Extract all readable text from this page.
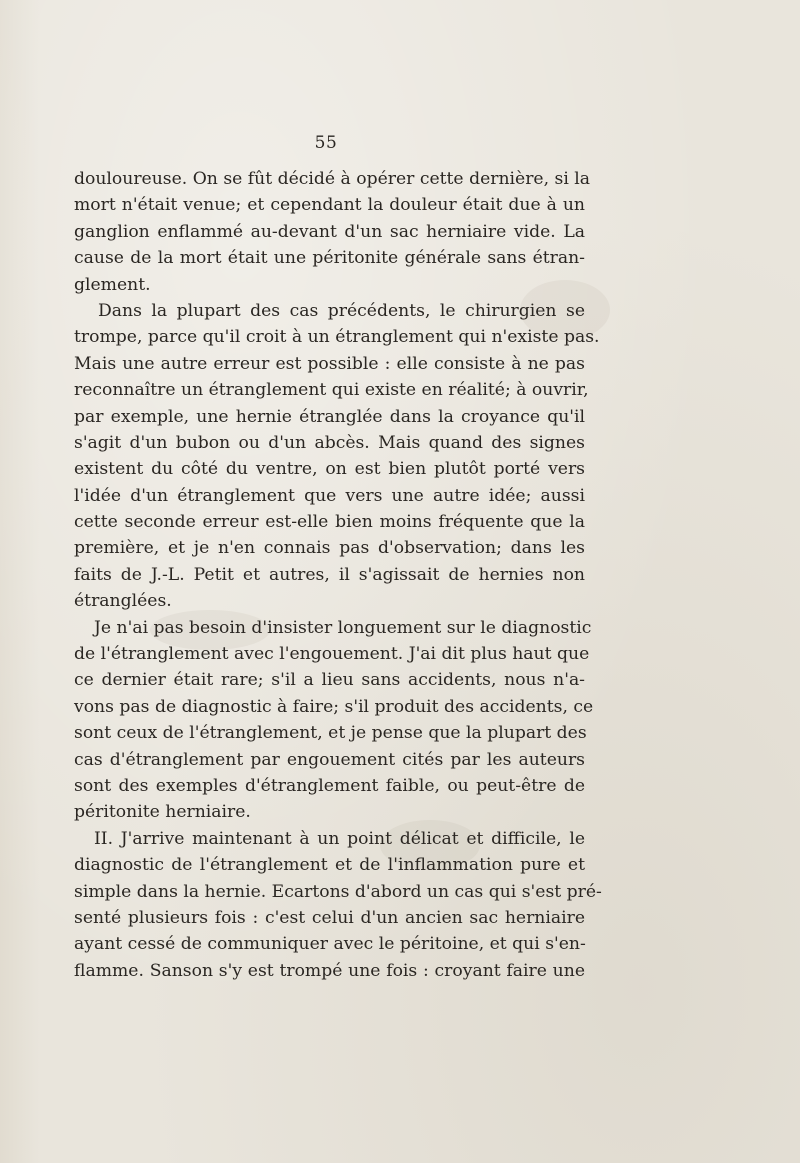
55
douloureuse. On se fût décidé à opérer cette dernière, si la
mort n'était venue; et cependant la douleur était due à un
ganglion enflammé au-devant d'un sac herniaire vide. La
cause de la mort était une péritonite générale sans étran-
glement.
Dans la plupart des cas précédents, le chirurgien se
trompe, parce qu'il croit à un étranglement qui n'existe pas.
Mais une autre erreur est possible : elle consiste à ne pas
reconnaître un étranglement qui existe en réalité; à ouvrir,
par exemple, une hernie étranglée dans la croyance qu'il
s'agit d'un bubon ou d'un abcès. Mais quand des signes
existent du côté du ventre, on est bien plutôt porté vers
l'idée d'un étranglement que vers une autre idée; aussi
cette seconde erreur est-elle bien moins fréquente que la
première, et je n'en connais pas d'observation; dans les
faits de J.-L. Petit et autres, il s'agissait de hernies non
étranglées.
Je n'ai pas besoin d'insister longuement sur le diagnostic
de l'étranglement avec l'engouement. J'ai dit plus haut que
ce dernier était rare; s'il a lieu sans accidents, nous n'a-
vons pas de diagnostic à faire; s'il produit des accidents, ce
sont ceux de l'étranglement, et je pense que la plupart des
cas d'étranglement par engouement cités par les auteurs
sont des exemples d'étranglement faible, ou peut-être de
péritonite herniaire.
II. J'arrive maintenant à un point délicat et difficile, le
diagnostic de l'étranglement et de l'inflammation pure et
simple dans la hernie. Ecartons d'abord un cas qui s'est pré-
senté plusieurs fois : c'est celui d'un ancien sac herniaire
ayant cessé de communiquer avec le péritoine, et qui s'en-
flamme. Sanson s'y est trompé une fois : croyant faire une
